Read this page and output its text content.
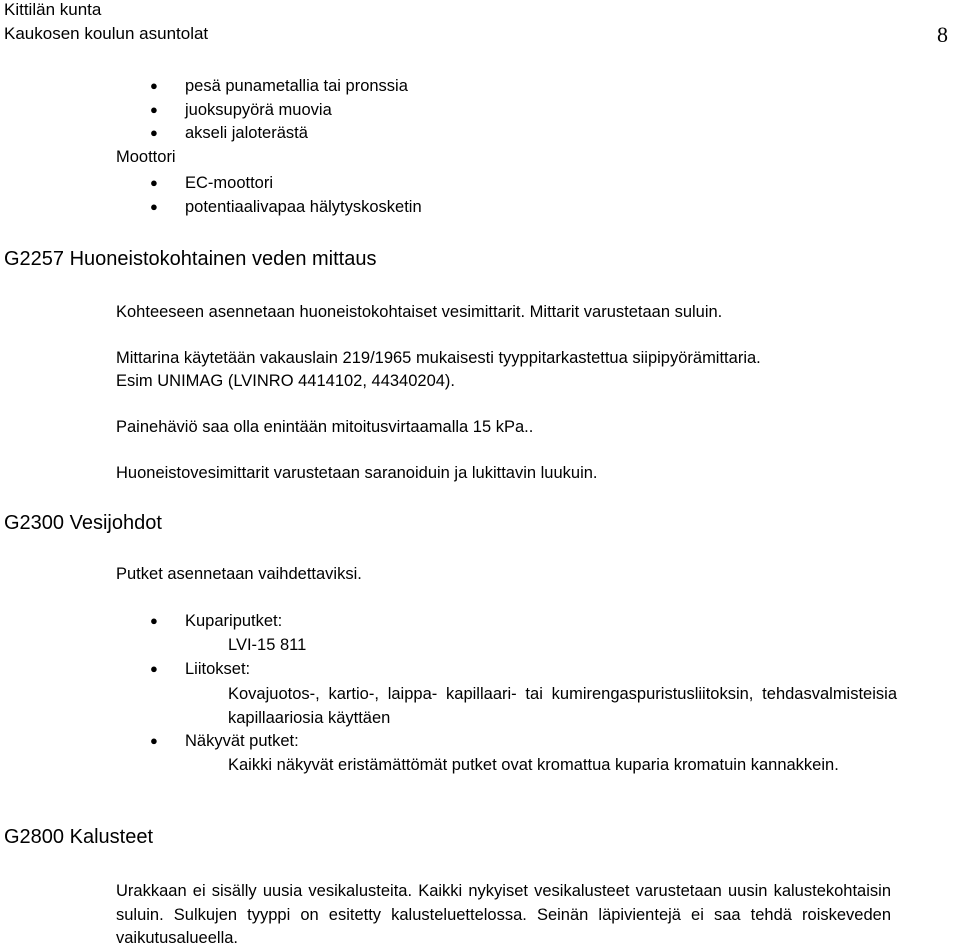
Kittilän kunta
Kaukosen koulun asuntolat	8
● pesä punametallia tai pronssia
● juoksupyörä muovia
● akseli jaloterästä
Moottori
● EC-moottori
● potentiaalivapaa hälytyskosketin
G2257 Huoneistokohtainen veden mittaus
Kohteeseen asennetaan huoneistokohtaiset vesimittarit. Mittarit varustetaan suluin.
Mittarina käytetään vakauslain 219/1965 mukaisesti tyyppitarkastettua siipipyörämittaria.
Esim UNIMAG (LVINRO 4414102, 44340204).
Painehäviö saa olla enintään mitoitusvirtaamalla 15 kPa..
Huoneistovesimittarit varustetaan saranoiduin ja lukittavin luukuin.
G2300 Vesijohdot
Putket asennetaan vaihdettaviksi.
● Kupariputket:
LVI-15 811
● Liitokset:
Kovajuotos-, kartio-, laippa- kapillaari- tai kumirengaspuristusliitoksin, tehdasvalmisteisia kapillaariosia käyttäen
● Näkyvät putket:
Kaikki näkyvät eristämättömät putket ovat kromattua kuparia kromatuin kannakkein.
G2800 Kalusteet
Urakkaan ei sisälly uusia vesikalusteita. Kaikki nykyiset vesikalusteet varustetaan uusin kalustekohtaisin suluin. Sulkujen tyyppi on esitetty kalusteluettelossa. Seinän läpivientejä ei saa tehdä roiskeveden vaikutusalueella.
